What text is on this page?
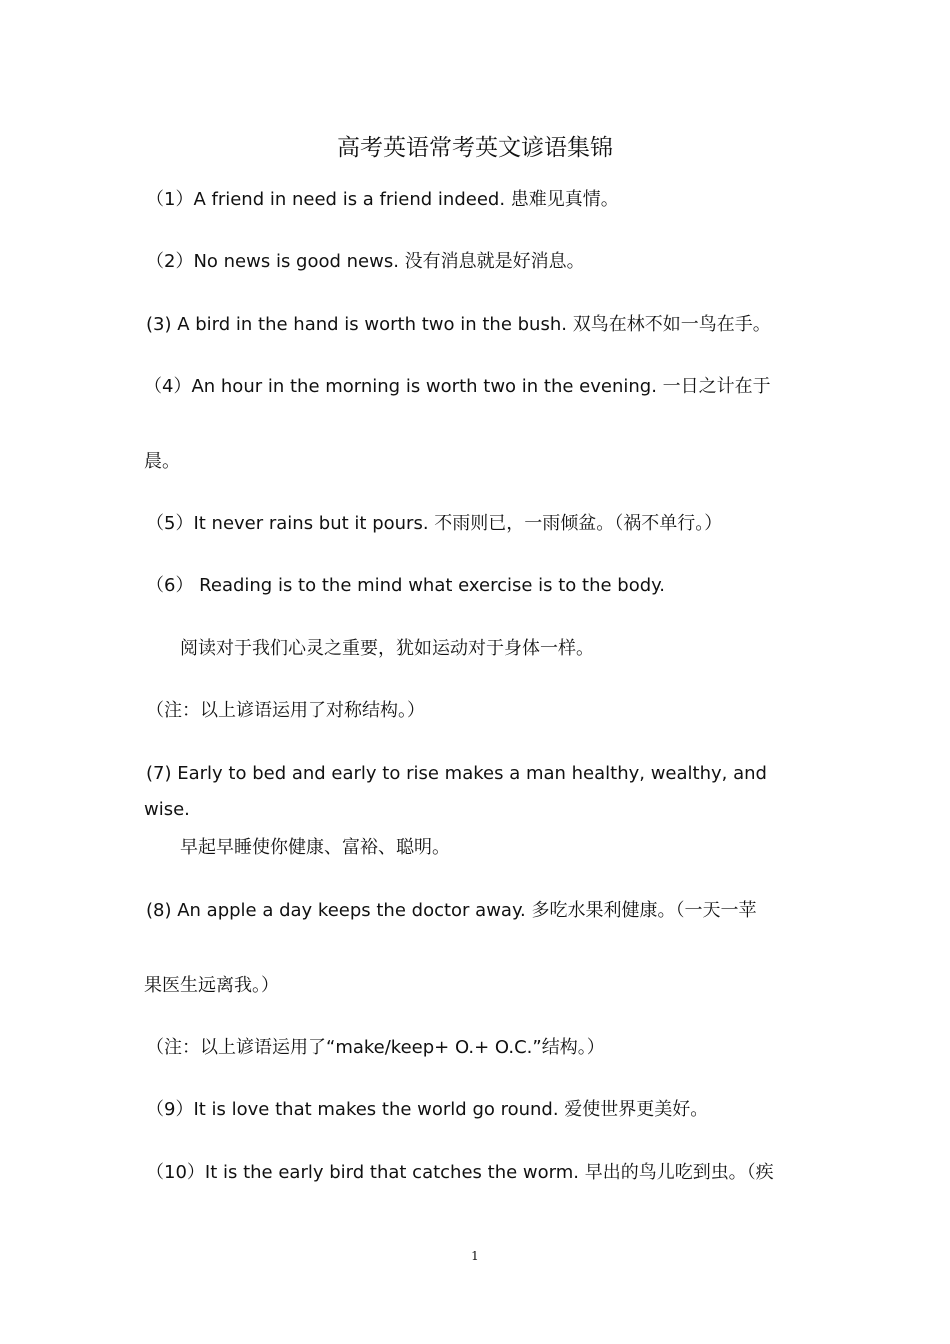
高考英语常考英文谚语集锦
（1）A friend in need is a friend indeed. 患难见真情。
（2）No news is good news. 没有消息就是好消息。
(3) A bird in the hand is worth two in the bush. 双鸟在林不如一鸟在手。
（4）An hour in the morning is worth two in the evening. 一日之计在于
晨。
（5）It never rains but it pours. 不雨则已，一雨倾盆。（祸不单行。）
（6） Reading is to the mind what exercise is to the body.
阅读对于我们心灵之重要，犹如运动对于身体一样。
（注：以上谚语运用了对称结构。）
(7) Early to bed and early to rise makes a man healthy, wealthy, and
wise.
早起早睡使你健康、富裕、聪明。
(8) An apple a day keeps the doctor away. 多吃水果利健康。（一天一苹
果医生远离我。）
（注：以上谚语运用了“make/keep+ O.+ O.C.”结构。）
（9）It is love that makes the world go round. 爱使世界更美好。
（10）It is the early bird that catches the worm. 早出的鸟儿吃到虫。（疾
1
